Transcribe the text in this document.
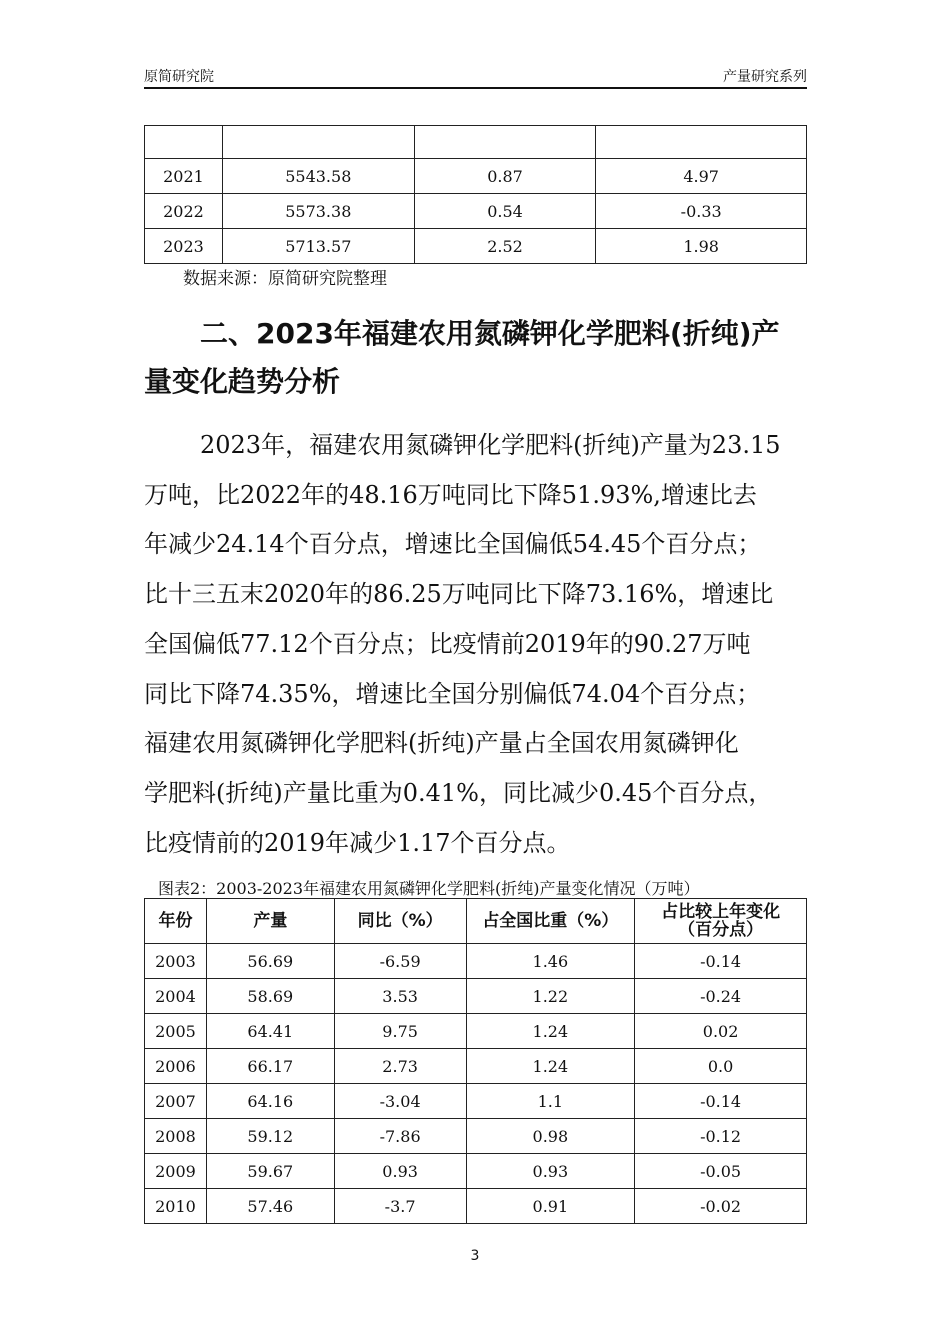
原简研究院	产量研究系列

2021	5543.58	0.87	4.97
2022	5573.38	0.54	-0.33
2023	5713.57	2.52	1.98
数据来源：原简研究院整理
二、2023年福建农用氮磷钾化学肥料(折纯)产
量变化趋势分析
2023年，福建农用氮磷钾化学肥料(折纯)产量为23.15
万吨，比2022年的48.16万吨同比下降51.93%,增速比去
年减少24.14个百分点，增速比全国偏低54.45个百分点；
比十三五末2020年的86.25万吨同比下降73.16%，增速比
全国偏低77.12个百分点；比疫情前2019年的90.27万吨
同比下降74.35%，增速比全国分别偏低74.04个百分点；
福建农用氮磷钾化学肥料(折纯)产量占全国农用氮磷钾化
学肥料(折纯)产量比重为0.41%，同比减少0.45个百分点，
比疫情前的2019年减少1.17个百分点。
图表2：2003-2023年福建农用氮磷钾化学肥料(折纯)产量变化情况（万吨）
年份	产量	同比（%）	占全国比重（%）	占比较上年变化（百分点）
2003	56.69	-6.59	1.46	-0.14
2004	58.69	3.53	1.22	-0.24
2005	64.41	9.75	1.24	0.02
2006	66.17	2.73	1.24	0.0
2007	64.16	-3.04	1.1	-0.14
2008	59.12	-7.86	0.98	-0.12
2009	59.67	0.93	0.93	-0.05
2010	57.46	-3.7	0.91	-0.02
3
